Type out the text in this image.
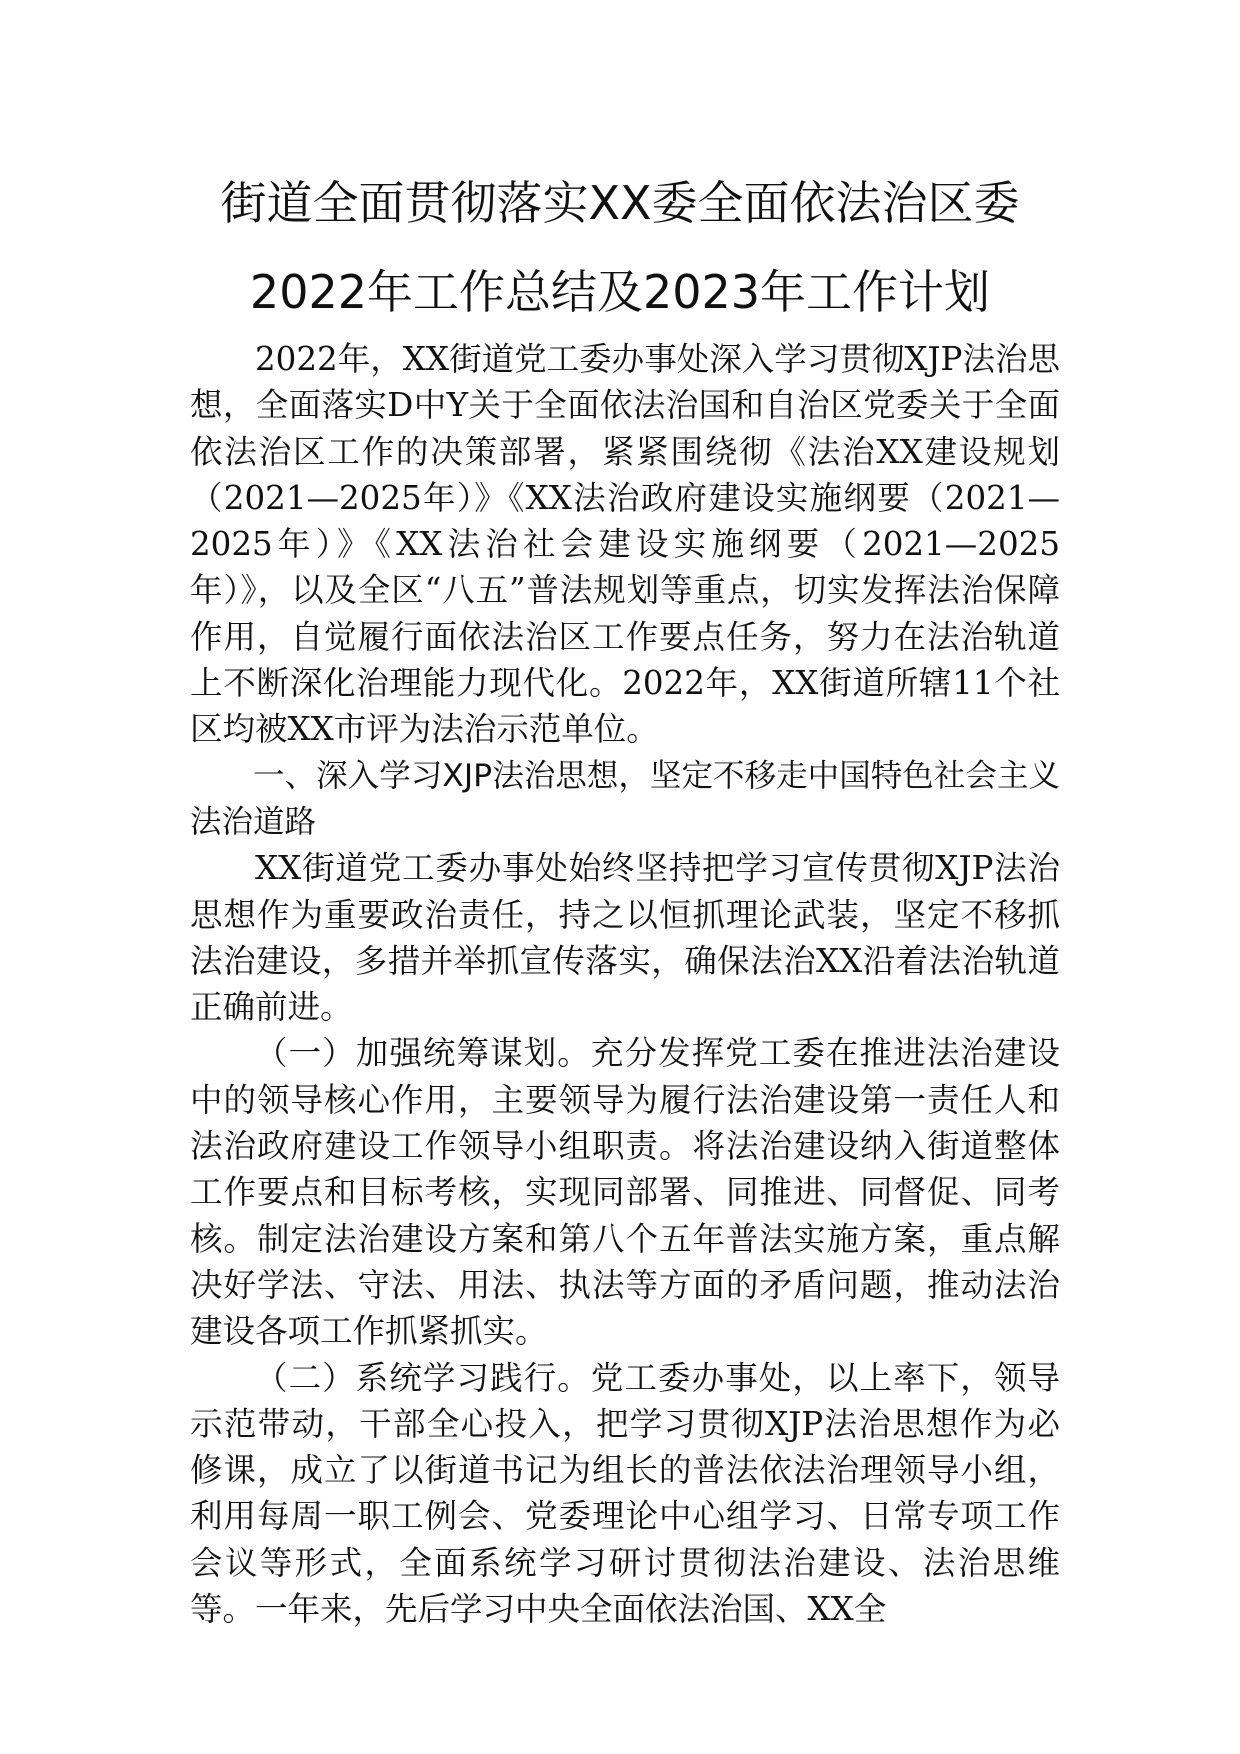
街道全面贯彻落实XX委全面依法治区委
2022年工作总结及2023年工作计划

2022年，XX街道党工委办事处深入学习贯彻XJP法治思想，全面落实D中Y关于全面依法治国和自治区党委关于全面依法治区工作的决策部署，紧紧围绕彻《法治XX建设规划（2021—2025年）》《XX法治政府建设实施纲要（2021—2025年）》《XX法治社会建设实施纲要（2021—2025年）》，以及全区“八五”普法规划等重点，切实发挥法治保障作用，自觉履行面依法治区工作要点任务，努力在法治轨道上不断深化治理能力现代化。2022年，XX街道所辖11个社区均被XX市评为法治示范单位。

一、深入学习XJP法治思想，坚定不移走中国特色社会主义法治道路

XX街道党工委办事处始终坚持把学习宣传贯彻XJP法治思想作为重要政治责任，持之以恒抓理论武装，坚定不移抓法治建设，多措并举抓宣传落实，确保法治XX沿着法治轨道正确前进。

（一）加强统筹谋划。充分发挥党工委在推进法治建设中的领导核心作用，主要领导为履行法治建设第一责任人和法治政府建设工作领导小组职责。将法治建设纳入街道整体工作要点和目标考核，实现同部署、同推进、同督促、同考核。制定法治建设方案和第八个五年普法实施方案，重点解决好学法、守法、用法、执法等方面的矛盾问题，推动法治建设各项工作抓紧抓实。

（二）系统学习践行。党工委办事处，以上率下，领导示范带动，干部全心投入，把学习贯彻XJP法治思想作为必修课，成立了以街道书记为组长的普法依法治理领导小组，利用每周一职工例会、党委理论中心组学习、日常专项工作会议等形式，全面系统学习研讨贯彻法治建设、法治思维等。一年来，先后学习中央全面依法治国、XX全
